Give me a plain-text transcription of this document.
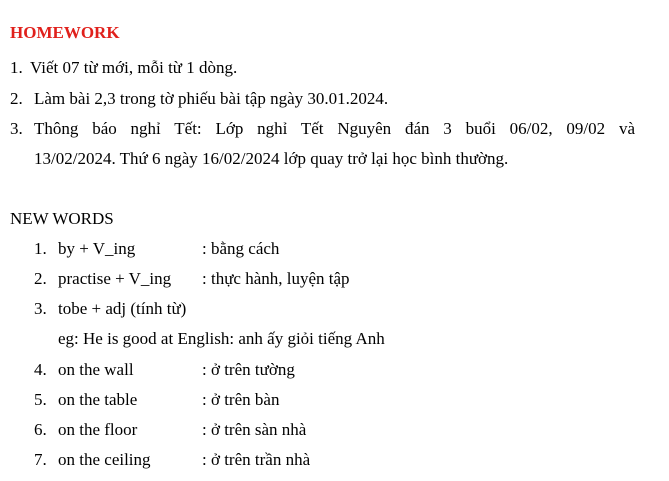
HOMEWORK
1. Viết 07 từ mới, mỗi từ 1 dòng.
2. Làm bài 2,3 trong tờ phiếu bài tập ngày 30.01.2024.
3. Thông báo nghỉ Tết: Lớp nghỉ Tết Nguyên đán 3 buổi 06/02, 09/02 và
13/02/2024. Thứ 6 ngày 16/02/2024 lớp quay trở lại học bình thường.
NEW WORDS
1. by + V_ing	: bằng cách
2. practise + V_ing : thực hành, luyện tập
3. tobe + adj (tính từ)
eg: He is good at English: anh ấy giỏi tiếng Anh
4. on the wall	: ở trên tường
5. on the table	: ở trên bàn
6. on the floor	: ở trên sàn nhà
7. on the ceiling	: ở trên trần nhà
